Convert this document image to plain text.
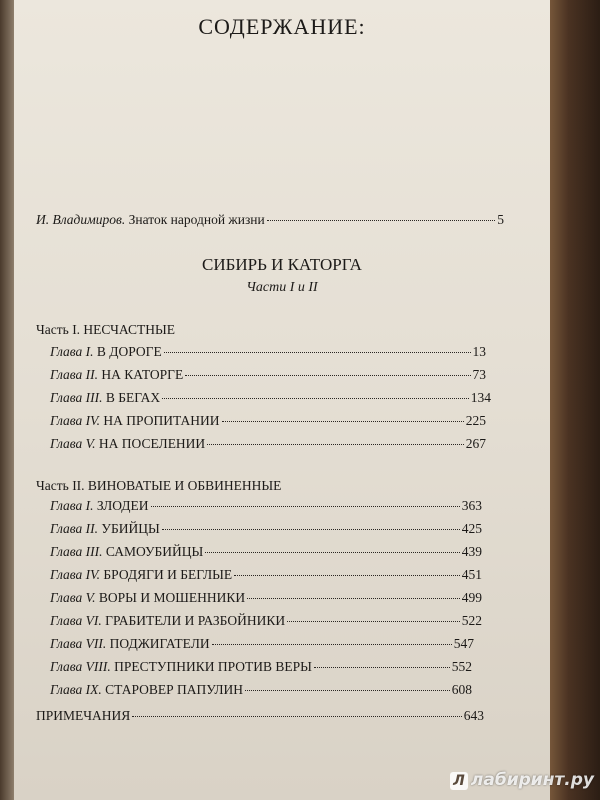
СОДЕРЖАНИЕ:
И. Владимиров. Знаток народной жизни	5
СИБИРЬ И КАТОРГА
Части I и II
Часть I. НЕСЧАСТНЫЕ
Глава I. В ДОРОГЕ	13
Глава II. НА КАТОРГЕ	73
Глава III. В БЕГАХ	134
Глава IV. НА ПРОПИТАНИИ	225
Глава V. НА ПОСЕЛЕНИИ	267
Часть II. ВИНОВАТЫЕ И ОБВИНЕННЫЕ
Глава I. ЗЛОДЕИ	363
Глава II. УБИЙЦЫ	425
Глава III. САМОУБИЙЦЫ	439
Глава IV. БРОДЯГИ И БЕГЛЫЕ	451
Глава V. ВОРЫ И МОШЕННИКИ	499
Глава VI. ГРАБИТЕЛИ И РАЗБОЙНИКИ	522
Глава VII. ПОДЖИГАТЕЛИ	547
Глава VIII. ПРЕСТУПНИКИ ПРОТИВ ВЕРЫ	552
Глава IX. СТАРОВЕР ПАПУЛИН	608
ПРИМЕЧАНИЯ	643
Л лабиринт.ру
